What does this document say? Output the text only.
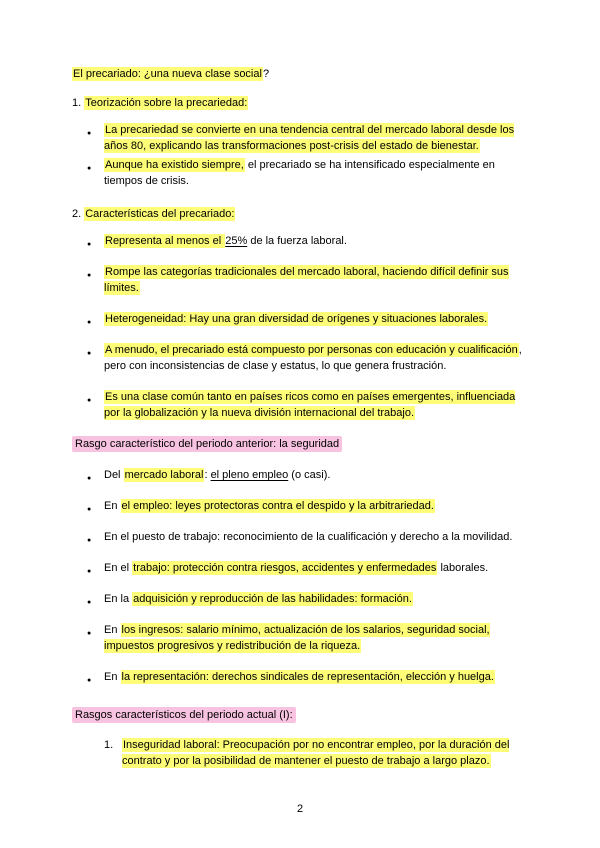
El precariado: ¿una nueva clase social?

1. Teorización sobre la precariedad:

● La precariedad se convierte en una tendencia central del mercado laboral desde los años 80, explicando las transformaciones post-crisis del estado de bienestar.
● Aunque ha existido siempre, el precariado se ha intensificado especialmente en tiempos de crisis.

2. Características del precariado:

● Representa al menos el 25% de la fuerza laboral.
● Rompe las categorías tradicionales del mercado laboral, haciendo difícil definir sus límites.
● Heterogeneidad: Hay una gran diversidad de orígenes y situaciones laborales.
● A menudo, el precariado está compuesto por personas con educación y cualificación, pero con inconsistencias de clase y estatus, lo que genera frustración.
● Es una clase común tanto en países ricos como en países emergentes, influenciada por la globalización y la nueva división internacional del trabajo.

Rasgo característico del periodo anterior: la seguridad

● Del mercado laboral: el pleno empleo (o casi).
● En el empleo: leyes protectoras contra el despido y la arbitrariedad.
● En el puesto de trabajo: reconocimiento de la cualificación y derecho a la movilidad.
● En el trabajo: protección contra riesgos, accidentes y enfermedades laborales.
● En la adquisición y reproducción de las habilidades: formación.
● En los ingresos: salario mínimo, actualización de los salarios, seguridad social, impuestos progresivos y redistribución de la riqueza.
● En la representación: derechos sindicales de representación, elección y huelga.

Rasgos característicos del periodo actual (I):

1. Inseguridad laboral: Preocupación por no encontrar empleo, por la duración del contrato y por la posibilidad de mantener el puesto de trabajo a largo plazo.
2
